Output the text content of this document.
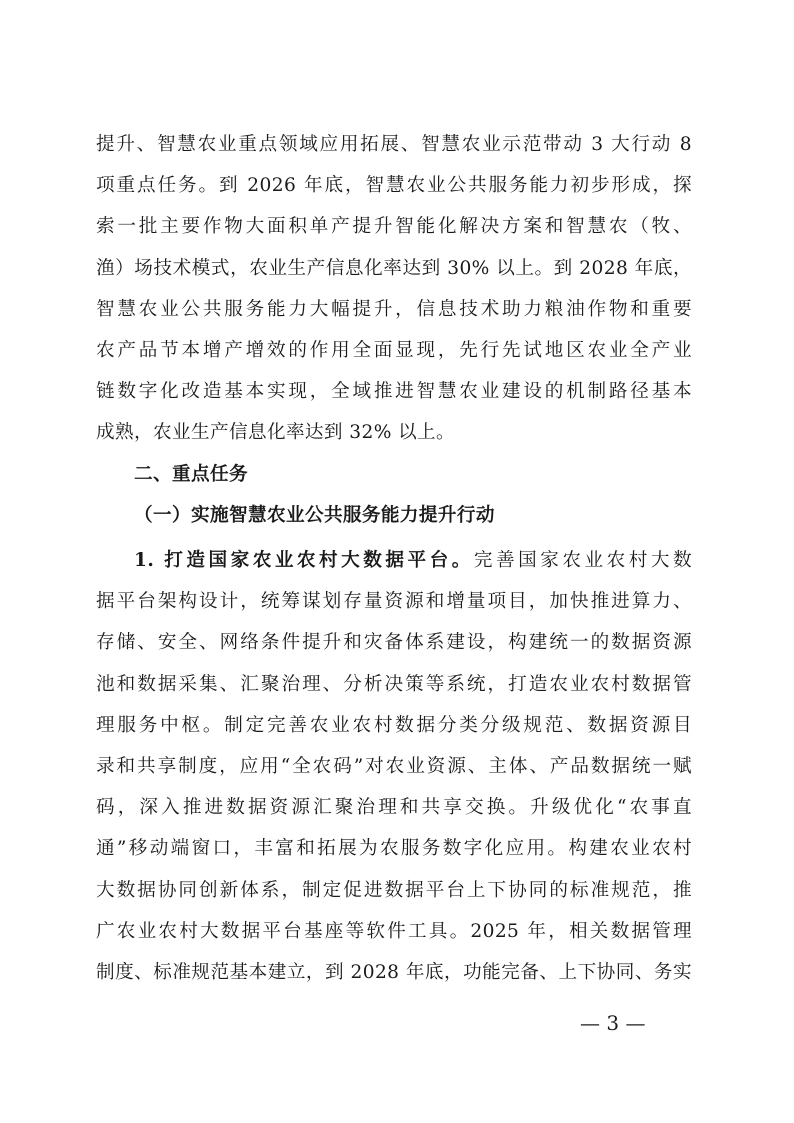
提升、智慧农业重点领域应用拓展、智慧农业示范带动 3 大行动 8
项重点任务。到 2026 年底，智慧农业公共服务能力初步形成，探
索一批主要作物大面积单产提升智能化解决方案和智慧农（牧、
渔）场技术模式，农业生产信息化率达到 30% 以上。到 2028 年底，
智慧农业公共服务能力大幅提升，信息技术助力粮油作物和重要
农产品节本增产增效的作用全面显现，先行先试地区农业全产业
链数字化改造基本实现，全域推进智慧农业建设的机制路径基本
成熟，农业生产信息化率达到 32% 以上。
二、重点任务
（一）实施智慧农业公共服务能力提升行动
1. 打造国家农业农村大数据平台。完善国家农业农村大数
据平台架构设计，统筹谋划存量资源和增量项目，加快推进算力、
存储、安全、网络条件提升和灾备体系建设，构建统一的数据资源
池和数据采集、汇聚治理、分析决策等系统，打造农业农村数据管
理服务中枢。制定完善农业农村数据分类分级规范、数据资源目
录和共享制度，应用“全农码”对农业资源、主体、产品数据统一赋
码，深入推进数据资源汇聚治理和共享交换。升级优化“农事直
通”移动端窗口，丰富和拓展为农服务数字化应用。构建农业农村
大数据协同创新体系，制定促进数据平台上下协同的标准规范，推
广农业农村大数据平台基座等软件工具。2025 年，相关数据管理
制度、标准规范基本建立，到 2028 年底，功能完备、上下协同、务实
— 3 —
